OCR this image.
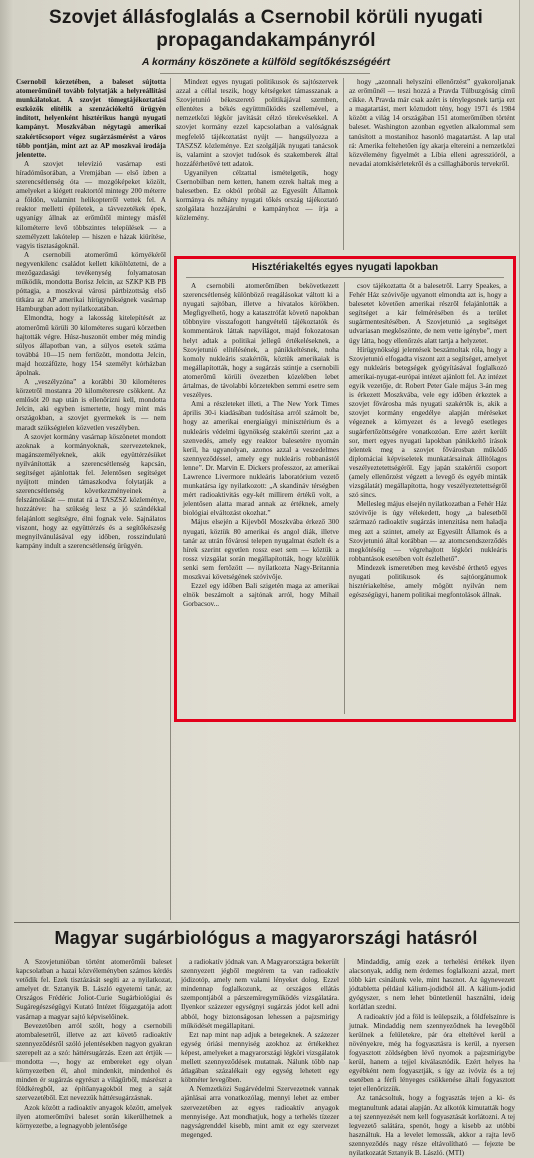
Szovjet állásfoglalás a Csernobil körüli nyugati propagandakampányról
A kormány köszönete a külföld segítőkészségéért

Csernobil körzetében, a baleset sújtotta atomerőműnél tovább folytatják a helyreállítási munkálatokat. A szovjet tömegtájékoztatási eszközök elítélik a szenzációkeltő ürügyén indított, helyenként hisztérikus hangú nyugati kampányt. Moszkvában négytagú amerikai szakértőcsoport végez sugárzásmérést a város több pontján, mint azt az AP moszkvai irodája jelentette.

A szovjet televízió vasárnap esti híradóműsorában, a Vremjában — első ízben a szerencsétlenség óta — mozgóképeket közölt, amelyeket a kiégett reaktortól mintegy 200 méterre a földön, valamint helikopterről vettek fel. A reaktor melletti épületek, a távvezetékek épek, ugyanígy állnak az erőműtől mintegy másfél kilométerre levő többszintes települések — a személyzett lakótelep — hiszen e házak kiürítése, vagyis tisztaságoknál.

A csernobili atomerőmű környékéről negyvenkilenc családot kellett kiköltöztetni, de a mezőgazdasági tevékenység folyamatosan működik, mondotta Borisz Jelcin, az SZKP KB PB póttagja, a moszkvai városi pártbizottság első titkára az AP amerikai hírügynökségnek vasárnap Hamburgban adott nyilatkozatában.

Elmondta, hogy a lakosság kitelepítését az atomerőmű körüli 30 kilométeres sugarú körzetben hajtották végre. Húsz-huszonöt ember még mindig súlyos állapotban van, a súlyos esetek száma továbbá 10—15 nem fertőzött, mondotta Jelcin, majd hozzáfűzte, hogy 154 személyt kórházban ápolnak.

A „veszélyzóna” a korábbi 30 kilométeres körzetről mostanra 20 kilométeresre csökkent. Az emlősöt 20 nap után is ellenőrizni kell, mondotta Jelcin, aki egyben ismertette, hogy mint más országokban, a szovjet gyermekek is — nem maradt szükségtelen közvetlen veszélyben.

A szovjet kormány vasárnap köszönetet mondott azoknak a kormányoknak, szervezeteknek, magánszemélyeknek, akik együttérzésüket nyilvánították a szerencsétlenség kapcsán, segítséget ajánlottak fel. Jelentősen segítséget nyújtott minden támaszkodva folytatják a szerencsétlenség következményeinek a felszámolását — mutat rá a TASZSZ közleménye, hozzátéve: ha szükség lesz a jó szándékkal felajánlott segítségre, élni fognak vele. Sajnálatos viszont, hogy az együttérzés és a segítőkészség megnyilvánulásával egy időben, rosszindulatú kampány indult a szerencsétlenség ürügyén.

Mindezt egyes nyugati politikusok és sajtószervek azzal a céllal teszik, hogy kétségeket támasszanak a Szovjetunió békeszerető politikájával szemben, ellentétes a békés együttműködés szellemével, a nemzetközi légkör javítását célzó törekvésekkel. A szovjet kormány ezzel kapcsolatban a valóságnak megfelelő tájékoztatást nyújt — hangsúlyozza a TASZSZ közleménye. Ezt szolgálják nyugati tanácsok is, valamint a szovjet tudósok és szakemberek által hozzáférhetővé tett adatok.

Ugyanilyen célzattal ismételgetik, hogy Csernobilban nem ketten, hanem ezrek haltak meg a balesetben. Ez okból próbál az Egyesült Államok kormánya és néhány nyugati tőkés ország tájékoztató szolgálata hozzájárulni e kampányhoz — írja a közlemény.

hogy „azonnali helyszíni ellenőrzést” gyakoroljanak az erőműnél — teszi hozzá a Pravda Túlbuzgóság című cikke. A Pravda már csak azért is ténylegesnek tartja ezt a magatartást, mert köztudott tény, hogy 1971 és 1984 között a világ 14 országában 151 atomerőműben történt baleset. Washington azonban egyetlen alkalommal sem tanúsított a mostanihoz hasonló magatartást. A lap utal rá: Amerika feltehetően így akarja eltereini a nemzetközi közvélemény figyelmét a Líbia elleni agresszióról, a nevadai atomkísérletekről és a csillagháborús tervekről.

Hisztériakeltés egyes nyugati lapokban

A csernobili atomerőműben bekövetkezett szerencsétlenség különböző reagálásokat váltott ki a nyugati sajtóban, illetve a hivatalos körökben. Megfigyelhető, hogy a katasztrófát követő napokban többnyire visszafogott hangvételű tájékoztatók és kommentárok láttak napvilágot, majd fokozatosan helyt adtak a politikai jellegű értékeléseknek, a Szovjetunió elítélésének, a pánikkeltésnek, noha komoly nukleáris szakértők, köztük amerikaiak is megállapították, hogy a sugárzás szintje a csernobili atomerőmű körüli övezetben közelében lebet ártalmas, de távolabbi körzetekben semmi esetre sem veszélyes.

Ami a részleteket illeti, a The New York Times április 30-i kiadásában tudósítása arról számolt be, hogy az amerikai energiaügyi minisztérium és a nukleáris védelmi ügynökség szakértői szerint „az a szenvedés, amely egy reaktor balesetére nyomán keril, ha ugyanolyan, azonos azzal a veszedelmes szennyeződéssel, amely egy nukleáris robbanástól lenne”. Dr. Marvin E. Dickers professzor, az amerikai Lawrence Livermore nukleáris laboratórium vezető munkatársa így nyilatkozott: „A skandináv térségben mért radioaktivitás egy-két millirem értékű volt, a jelentősen alatta marad annak az értéknek, amely biológiai elváltozást okozhat.”

Május elsején a Kijevből Moszkvába érkező 300 nyugati, köztük 80 amerikai és angol diák, illetve tanár az utrán fővárosi telepen nyugalmat észlelt és a hírek szerint egyetlen rossz eset sem — köztük a rossz vizsgálat során megállapították, hogy közülük senki sem fertőzött — nyilatkozta Nagy-Britannia moszkvai követségének szóvivője.

Ezzel egy időben Bali szigetén maga az amerikai elnök beszámolt a sajtónak arról, hogy Mihail Gorbacsov...

csov tájékoztatta őt a balesetről. Larry Speakes, a Fehér Ház szóvivője ugyanott elmondta azt is, hogy a balesetet követően amerikai részről felajánlották a segítséget a kár felmérésében és a terület sugármentesítésében. A Szovjetunió „a segítséget udvariasan megköszönte, de nem vette igénybe”, mert úgy látta, hogy ellenőrzés alatt tartja a helyzetet.

Hírügynökségi jelentések beszámoltak róla, hogy a Szovjetunió elfogadta viszont azt a segítséget, amelyet egy nukleáris betegségek gyógyításával foglalkozó amerikai-nyugat-európai intézet ajánlott fel. Az intézet egyik vezetője, dr. Robert Peter Gale május 3-án meg is érkezett Moszkvába, vele egy időben érkeztek a szovjet fővárosba más nyugati szakértők is, akik a szovjet kormány engedélye alapján méréseket végeznek a környezet és a levegő esetleges sugárfertőzöttségére vonatkozóan. Erre azért került sor, mert egyes nyugati lapokban pánikkeltő írások jelentek meg a szovjet fővárosban működő diplomáciai képviseletek munkatársainak állítólagos veszélyeztetettségéről. Egy japán szakértői csoport (amely ellenőrzést végzett a levegő és egyéb minták vizsgálatát) megállapította, hogy veszélyeztetettségről szó sincs.

Mellesleg május elsején nyilatkozatban a Fehér Ház szóvivője is úgy vélekedett, hogy „a balesetből származó radioaktív sugárzás intenzitása nem haladja meg azt a szintet, amely az Egyesült Államok és a Szovjetunió által korábban — az atomcsendszerződés megkötéséig — végrehajtott légköri nukleáris robbantások esetében volt észlelhető”.

Mindezek ismeretében meg kevésbé érthető egyes nyugati politikusok és sajtóorgánumok hisztériakeltése, amely mögött nyilván nem egészségügyi, hanem politikai megfontolások állnak.

Magyar sugárbiológus a magyarországi hatásról

A Szovjetunióban történt atomerőműi baleset kapcsolatban a hazai közvéleményben számos kérdés vetődik fel. Ezek tisztázását segíti az a nyilatkozat, amelyet dr. Sztanyik B. László egyetemi tanár, az Országos Frédéric Joliot-Curie Sugárbiológiai és Sugáregészségügyi Kutató Intézet főigazgatója adott vasárnap a magyar sajtó képviselőinek.

Bevezetőben arról szólt, hogy a csernobili atombalesetről, illetve az azt követő radioaktív szennyeződésről szóló jelentésekben nagyon gyakran szerepelt az a szó: háttérsugárzás. Ezen azt értjük — mondotta —, hogy az embereket egy olyan környezetben él, ahol mindenkit, mindenhol és minden ér sugárzás egyrészt a világűrből, másrészt a földkéregből, az építőanyagokból meg a saját szervezetéből. Ezt nevezzük háttérsugárzásnak.

Azok között a radioaktív anyagok között, amelyek ilyen atomerőművi baleset során kikerülhetnek a környezetbe, a legnagyobb jelentősége

a radiokatív jódnak van. A Magyarországra bekerült szennyezett jégből megtérem ta van radioaktív jódizotóp, amely nem valami lényeket dolog. Ezzel mindennap foglalkozunk, az országos ellátás szempontjából a párszemíregyműködés vizsgálatára. Ilyenkor százezer egységnyi sugárzás jódot kell adni abból, hogy biztonságosan lehessen a pajzsmirigy működését megállapítani.

Ezt nap mint nap adjuk a betegeknek. A százezer egység óriási mennyiség azokhoz az értékekhez képest, amelyeket a magyarországi légköri vizsgálatok mellett szennyeződések mutatnak. Nálunk több nap átlagában százalékait egy egység lehetett egy köbméter levegőben.

A Nemzetközi Sugárvédelmi Szervezetnek vannak ajánlásai arra vonatkozólag, mennyi lehet az ember szervezetében az egyes radioaktív anyagok mennyisége. Azt mondhatjuk, hogy a terhelés tízezer nagyságrenddel kisebb, mint amit ez egy szervezet megenged.

Mindaddig, amíg ezek a terhelési értékek ilyen alacsonyak, addig nem érdemes foglalkozni azzal, mert több kárt csinálunk vele, mint hasznot. Az ügynevezett jódtabletta például kálium-jodidból áll. A kálium-jodid gyógyszer, s nem lehet büntetlenül használni, ideig korlátlan szedni.

A radioaktív jód a föld is leülepszik, a földfelszínre is jutnak. Mindaddig nem szennyeződnek ha levegőből kerülnek a felületekre, pár óra elteltével kerül a növényekre, még ha fogyasztásra is kerül, a nyersen fogyasztott zöldségben lévő nyomok a pajzsmirigybe kerül, hanem a tejjel kiválasztódik. Ezért helyes ha egyébként nem fogyasztják, s így az ivóvíz és a tej esetében a férfi lényeges csökkenése általi fogyasztott tejet ellenőrizzük.

Az tanácsoltuk, hogy a fogyasztás tejen a ki- és megtanultunk adatai alapján. Az alkotók kimutatták hogy a tej szennyezését nem kell fogyasztását korlátozni. A tej legvezető salátára, spenót, hogy a kisebb az utóbbi használtuk. Ha a levelet lemossák, akkor a rajta levő szennyeződés nagy része eltávolítható — fejezte be nyilatkozatát Sztanyik B. László. (MTI)
